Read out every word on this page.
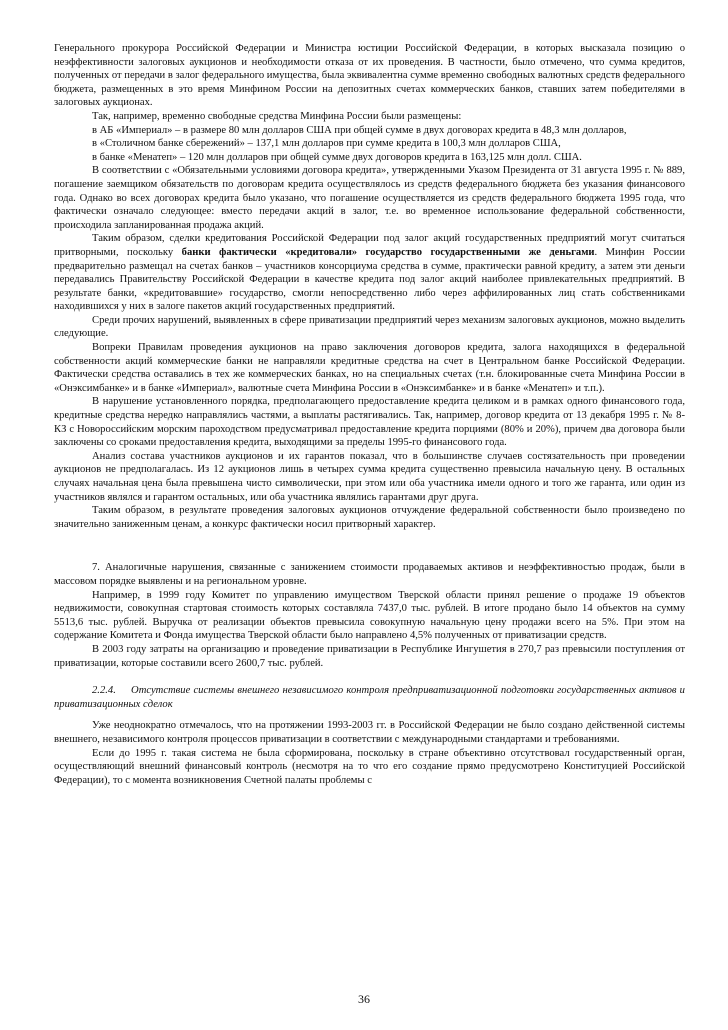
Генерального прокурора Российской Федерации и Министра юстиции Российской Федерации, в которых высказала позицию о неэффективности залоговых аукционов и необходимости отказа от их проведения. В частности, было отмечено, что сумма кредитов, полученных от передачи в залог федерального имущества, была эквивалентна сумме временно свободных валютных средств федерального бюджета, размещенных в это время Минфином России на депозитных счетах коммерческих банков, ставших затем победителями в залоговых аукционах.

Так, например, временно свободные средства Минфина России были размещены:

в АБ «Империал» – в размере 80 млн долларов США при общей сумме в двух договорах кредита в 48,3 млн долларов,

в «Столичном банке сбережений» – 137,1 млн долларов при сумме кредита в 100,3 млн долларов США,

в банке «Менатеп» – 120 млн долларов при общей сумме двух договоров кредита в 163,125 млн долл. США.

В соответствии с «Обязательными условиями договора кредита», утвержденными Указом Президента от 31 августа 1995 г. № 889, погашение заемщиком обязательств по договорам кредита осуществлялось из средств федерального бюджета без указания финансового года. Однако во всех договорах кредита было указано, что погашение осуществляется из средств федерального бюджета 1995 года, что фактически означало следующее: вместо передачи акций в залог, т.е. во временное использование федеральной собственности, происходила запланированная продажа акций.

Таким образом, сделки кредитования Российской Федерации под залог акций государственных предприятий могут считаться притворными, поскольку банки фактически «кредитовали» государство государственными же деньгами. Минфин России предварительно размещал на счетах банков – участников консорциума средства в сумме, практически равной кредиту, а затем эти деньги передавались Правительству Российской Федерации в качестве кредита под залог акций наиболее привлекательных предприятий. В результате банки, «кредитовавшие» государство, смогли непосредственно либо через аффилированных лиц стать собственниками находившихся у них в залоге пакетов акций государственных предприятий.

Среди прочих нарушений, выявленных в сфере приватизации предприятий через механизм залоговых аукционов, можно выделить следующие.

Вопреки Правилам проведения аукционов на право заключения договоров кредита, залога находящихся в федеральной собственности акций коммерческие банки не направляли кредитные средства на счет в Центральном банке Российской Федерации. Фактически средства оставались в тех же коммерческих банках, но на специальных счетах (т.н. блокированные счета Минфина России в «Онэксимбанке» и в банке «Империал», валютные счета Минфина России в «Онэксимбанке» и в банке «Менатеп» и т.п.).

В нарушение установленного порядка, предполагающего предоставление кредита целиком и в рамках одного финансового года, кредитные средства нередко направлялись частями, а выплаты растягивались. Так, например, договор кредита от 13 декабря 1995 г. № 8-КЗ с Новороссийским морским пароходством предусматривал предоставление кредита порциями (80% и 20%), причем два договора были заключены со сроками предоставления кредита, выходящими за пределы 1995-го финансового года.

Анализ состава участников аукционов и их гарантов показал, что в большинстве случаев состязательность при проведении аукционов не предполагалась. Из 12 аукционов лишь в четырех сумма кредита существенно превысила начальную цену. В остальных случаях начальная цена была превышена чисто символически, при этом или оба участника имели одного и того же гаранта, или один из участников являлся и гарантом остальных, или оба участника являлись гарантами друг друга.

Таким образом, в результате проведения залоговых аукционов отчуждение федеральной собственности было произведено по значительно заниженным ценам, а конкурс фактически носил притворный характер.

7. Аналогичные нарушения, связанные с занижением стоимости продаваемых активов и неэффективностью продаж, были в массовом порядке выявлены и на региональном уровне.

Например, в 1999 году Комитет по управлению имуществом Тверской области принял решение о продаже 19 объектов недвижимости, совокупная стартовая стоимость которых составляла 7437,0 тыс. рублей. В итоге продано было 14 объектов на сумму 5513,6 тыс. рублей. Выручка от реализации объектов превысила совокупную начальную цену продажи всего на 5%. При этом на содержание Комитета и Фонда имущества Тверской области было направлено 4,5% полученных от приватизации средств.

В 2003 году затраты на организацию и проведение приватизации в Республике Ингушетия в 270,7 раз превысили поступления от приватизации, которые составили всего 2600,7 тыс. рублей.

2.2.4. Отсутствие системы внешнего независимого контроля предприватизационной подготовки государственных активов и приватизационных сделок

Уже неоднократно отмечалось, что на протяжении 1993-2003 гг. в Российской Федерации не было создано действенной системы внешнего, независимого контроля процессов приватизации в соответствии с международными стандартами и требованиями.

Если до 1995 г. такая система не была сформирована, поскольку в стране объективно отсутствовал государственный орган, осуществляющий внешний финансовый контроль (несмотря на то что его создание прямо предусмотрено Конституцией Российской Федерации), то с момента возникновения Счетной палаты проблемы с

36
